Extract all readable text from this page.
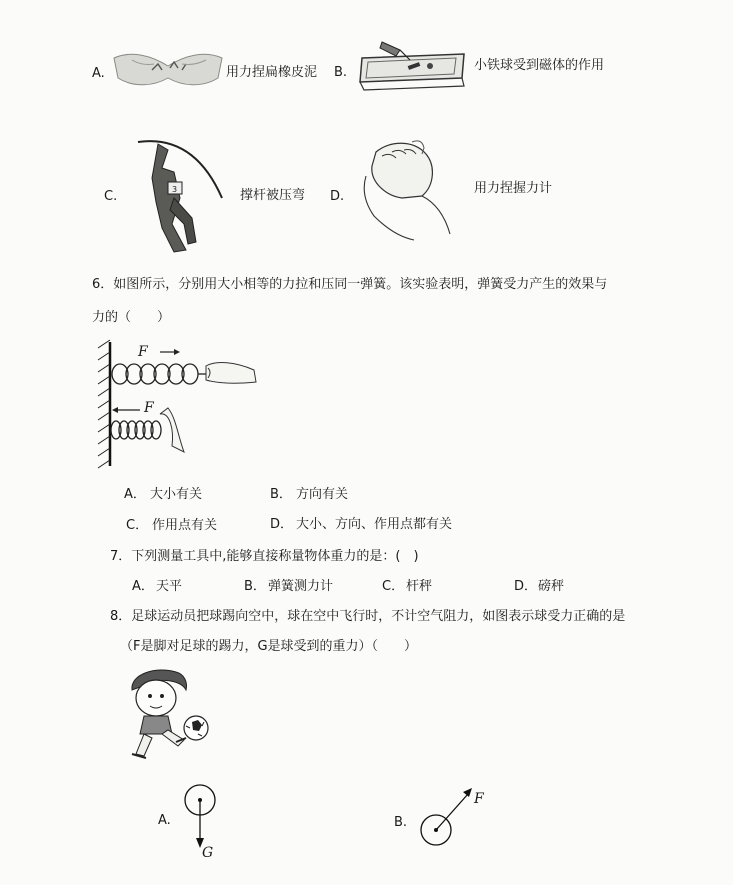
A.	用力捏扁橡皮泥 B.	小铁球受到磁体的作用
C.	3	撑杆被压弯 D.
用力捏握力计
6．如图所示，分别用大小相等的力拉和压同一弹簧。该实验表明，弹簧受力产生的效果与
力的（　　）
F
F
A． 大小有关	B． 方向有关
C． 作用点有关	D． 大小、方向、作用点都有关
7．下列测量工具中,能够直接称量物体重力的是：(　)
A． 天平	B． 弹簧测力计	C． 杆秤	D． 磅秤
8．足球运动员把球踢向空中，球在空中飞行时，不计空气阻力，如图表示球受力正确的是
（F是脚对足球的踢力，G是球受到的重力）（　　）
A.
G
B.
F
